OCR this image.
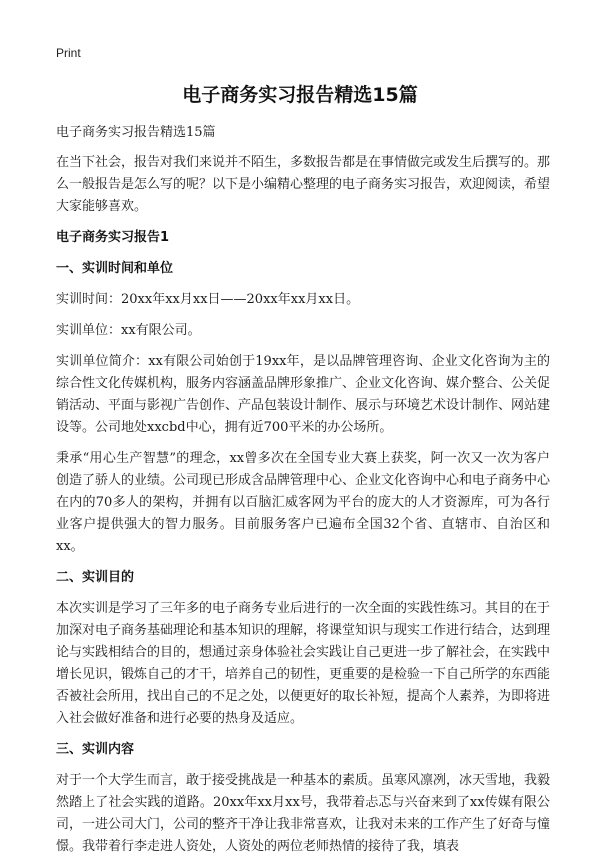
Print
电子商务实习报告精选15篇

电子商务实习报告精选15篇

在当下社会，报告对我们来说并不陌生，多数报告都是在事情做完或发生后撰写的。那么一般报告是怎么写的呢？以下是小编精心整理的电子商务实习报告，欢迎阅读，希望大家能够喜欢。

电子商务实习报告1
一、实训时间和单位

实训时间：20xx年xx月xx日——20xx年xx月xx日。

实训单位：xx有限公司。

实训单位简介：xx有限公司始创于19xx年，是以品牌管理咨询、企业文化咨询为主的综合性文化传媒机构，服务内容涵盖品牌形象推广、企业文化咨询、媒介整合、公关促销活动、平面与影视广告创作、产品包装设计制作、展示与环境艺术设计制作、网站建设等。公司地处xxcbd中心，拥有近700平米的办公场所。

秉承“用心生产智慧”的理念，xx曾多次在全国专业大赛上获奖，阿一次又一次为客户创造了骄人的业绩。公司现已形成含品牌管理中心、企业文化咨询中心和电子商务中心在内的70多人的架构，并拥有以百脑汇威客网为平台的庞大的人才资源库，可为各行业客户提供强大的智力服务。目前服务客户已遍布全国32个省、直辖市、自治区和xx。

二、实训目的

本次实训是学习了三年多的电子商务专业后进行的一次全面的实践性练习。其目的在于加深对电子商务基础理论和基本知识的理解，将课堂知识与现实工作进行结合，达到理论与实践相结合的目的，想通过亲身体验社会实践让自己更进一步了解社会，在实践中增长见识，锻炼自己的才干，培养自己的韧性，更重要的是检验一下自己所学的东西能否被社会所用，找出自己的不足之处，以便更好的取长补短，提高个人素养，为即将进入社会做好准备和进行必要的热身及适应。

三、实训内容

对于一个大学生而言，敢于接受挑战是一种基本的素质。虽寒风凛冽，冰天雪地，我毅然踏上了社会实践的道路。20xx年xx月xx号，我带着忐忑与兴奋来到了xx传媒有限公司，一进公司大门，公司的整齐干净让我非常喜欢，让我对未来的工作产生了好奇与憧憬。我带着行李走进人资处，人资处的两位老师热情的接待了我，填表
